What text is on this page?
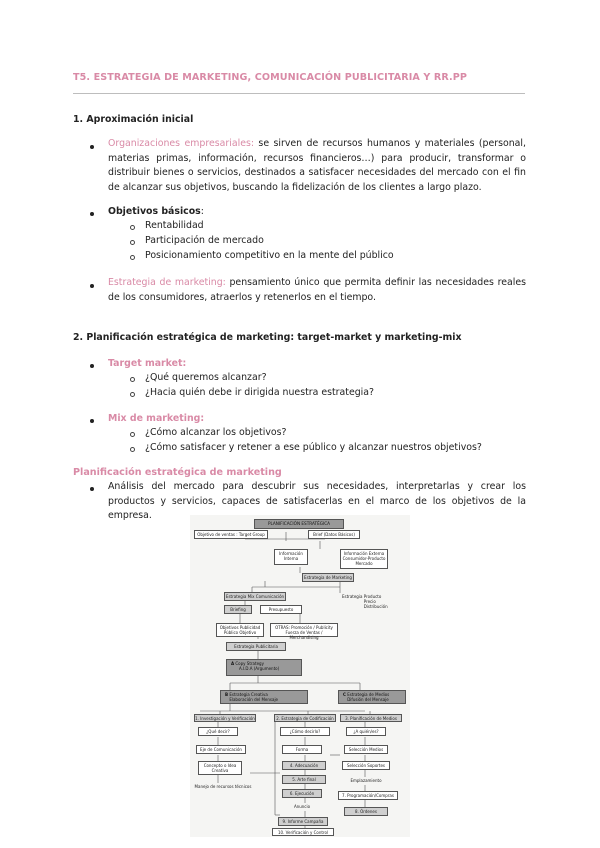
T5. ESTRATEGIA DE MARKETING, COMUNICACIÓN PUBLICITARIA Y RR.PP
1. Aproximación inicial
Organizaciones empresariales: se sirven de recursos humanos y materiales (personal, materias primas, información, recursos financieros…) para producir, transformar o distribuir bienes o servicios, destinados a satisfacer necesidades del mercado con el fin de alcanzar sus objetivos, buscando la fidelización de los clientes a largo plazo.
Objetivos básicos:
Rentabilidad
Participación de mercado
Posicionamiento competitivo en la mente del público
Estrategia de marketing: pensamiento único que permita definir las necesidades reales de los consumidores, atraerlos y retenerlos en el tiempo.
2. Planificación estratégica de marketing: target-market y marketing-mix
Target market:
¿Qué queremos alcanzar?
¿Hacia quién debe ir dirigida nuestra estrategia?
Mix de marketing:
¿Cómo alcanzar los objetivos?
¿Cómo satisfacer y retener a ese público y alcanzar nuestros objetivos?
Planificación estratégica de marketing
Análisis del mercado para descubrir sus necesidades, interpretarlas y crear los productos y servicios, capaces de satisfacerlas en el marco de los objetivos de la empresa.
PLANIFICACIÓN ESTRATÉGICA
Objetivo de ventas : Target Group	Brief (Datos Básicos)
Información Interna
Información Externa Consumidor-Producto Mercado
Estrategia de Marketing
Estrategia Mix Comunicación
Briefing	Presupuesto
Estrategia Producto Precio Distribución
Objetivos Publicidad Público Objetivo
OTRAS: Promoción / Publicity Fuerza de Ventas / Merchandising
Estrategia Publicitaria
A Copy Strategy
A.I.D.A (Argumento)
B Estrategia Creativa Elaboración del Mensaje
C Estrategia de Medios Difusión del Mensaje
1. Investigación y Verificación	2. Estrategia de Codificación	3. Planificación de Medios
¿Qué decir?	¿Cómo decirlo?	¿A quién/es?
Eje de Comunicación	Forma	Selección Medios
Concepto o Idea Creativa
4. Adecuación	Selección Soportes
Manejo de recursos técnicos
5. Arte final	Emplazamiento
6. Ejecución	7. Programación/Compras
Anuncio
8. Órdenes
9. Informe Campaña
10. Verificación y Control
